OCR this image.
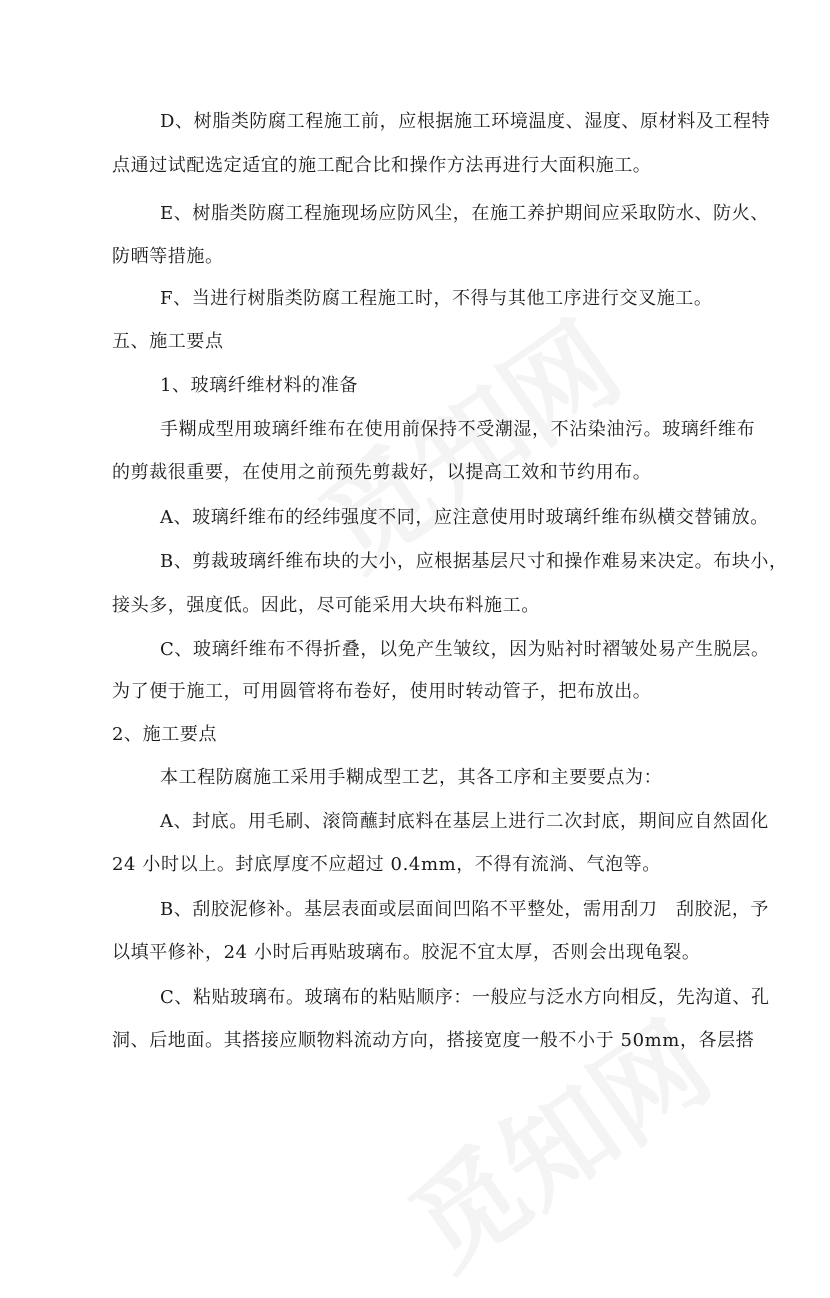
D、树脂类防腐工程施工前，应根据施工环境温度、湿度、原材料及工程特
点通过试配选定适宜的施工配合比和操作方法再进行大面积施工。
E、树脂类防腐工程施现场应防风尘，在施工养护期间应采取防水、防火、
防晒等措施。
F、当进行树脂类防腐工程施工时，不得与其他工序进行交叉施工。
五、施工要点
1、玻璃纤维材料的准备
手糊成型用玻璃纤维布在使用前保持不受潮湿，不沾染油污。玻璃纤维布
的剪裁很重要，在使用之前预先剪裁好，以提高工效和节约用布。
A、玻璃纤维布的经纬强度不同，应注意使用时玻璃纤维布纵横交替铺放。
B、剪裁玻璃纤维布块的大小，应根据基层尺寸和操作难易来决定。布块小，
接头多，强度低。因此，尽可能采用大块布料施工。
C、玻璃纤维布不得折叠，以免产生皱纹，因为贴衬时褶皱处易产生脱层。
为了便于施工，可用圆管将布卷好，使用时转动管子，把布放出。
2、施工要点
本工程防腐施工采用手糊成型工艺，其各工序和主要要点为：
A、封底。用毛刷、滚筒蘸封底料在基层上进行二次封底，期间应自然固化
24 小时以上。封底厚度不应超过 0.4mm，不得有流淌、气泡等。
B、刮胶泥修补。基层表面或层面间凹陷不平整处，需用刮刀　刮胶泥，予
以填平修补，24 小时后再贴玻璃布。胶泥不宜太厚，否则会出现龟裂。
C、粘贴玻璃布。玻璃布的粘贴顺序：一般应与泛水方向相反，先沟道、孔
洞、后地面。其搭接应顺物料流动方向，搭接宽度一般不小于 50mm，各层搭
